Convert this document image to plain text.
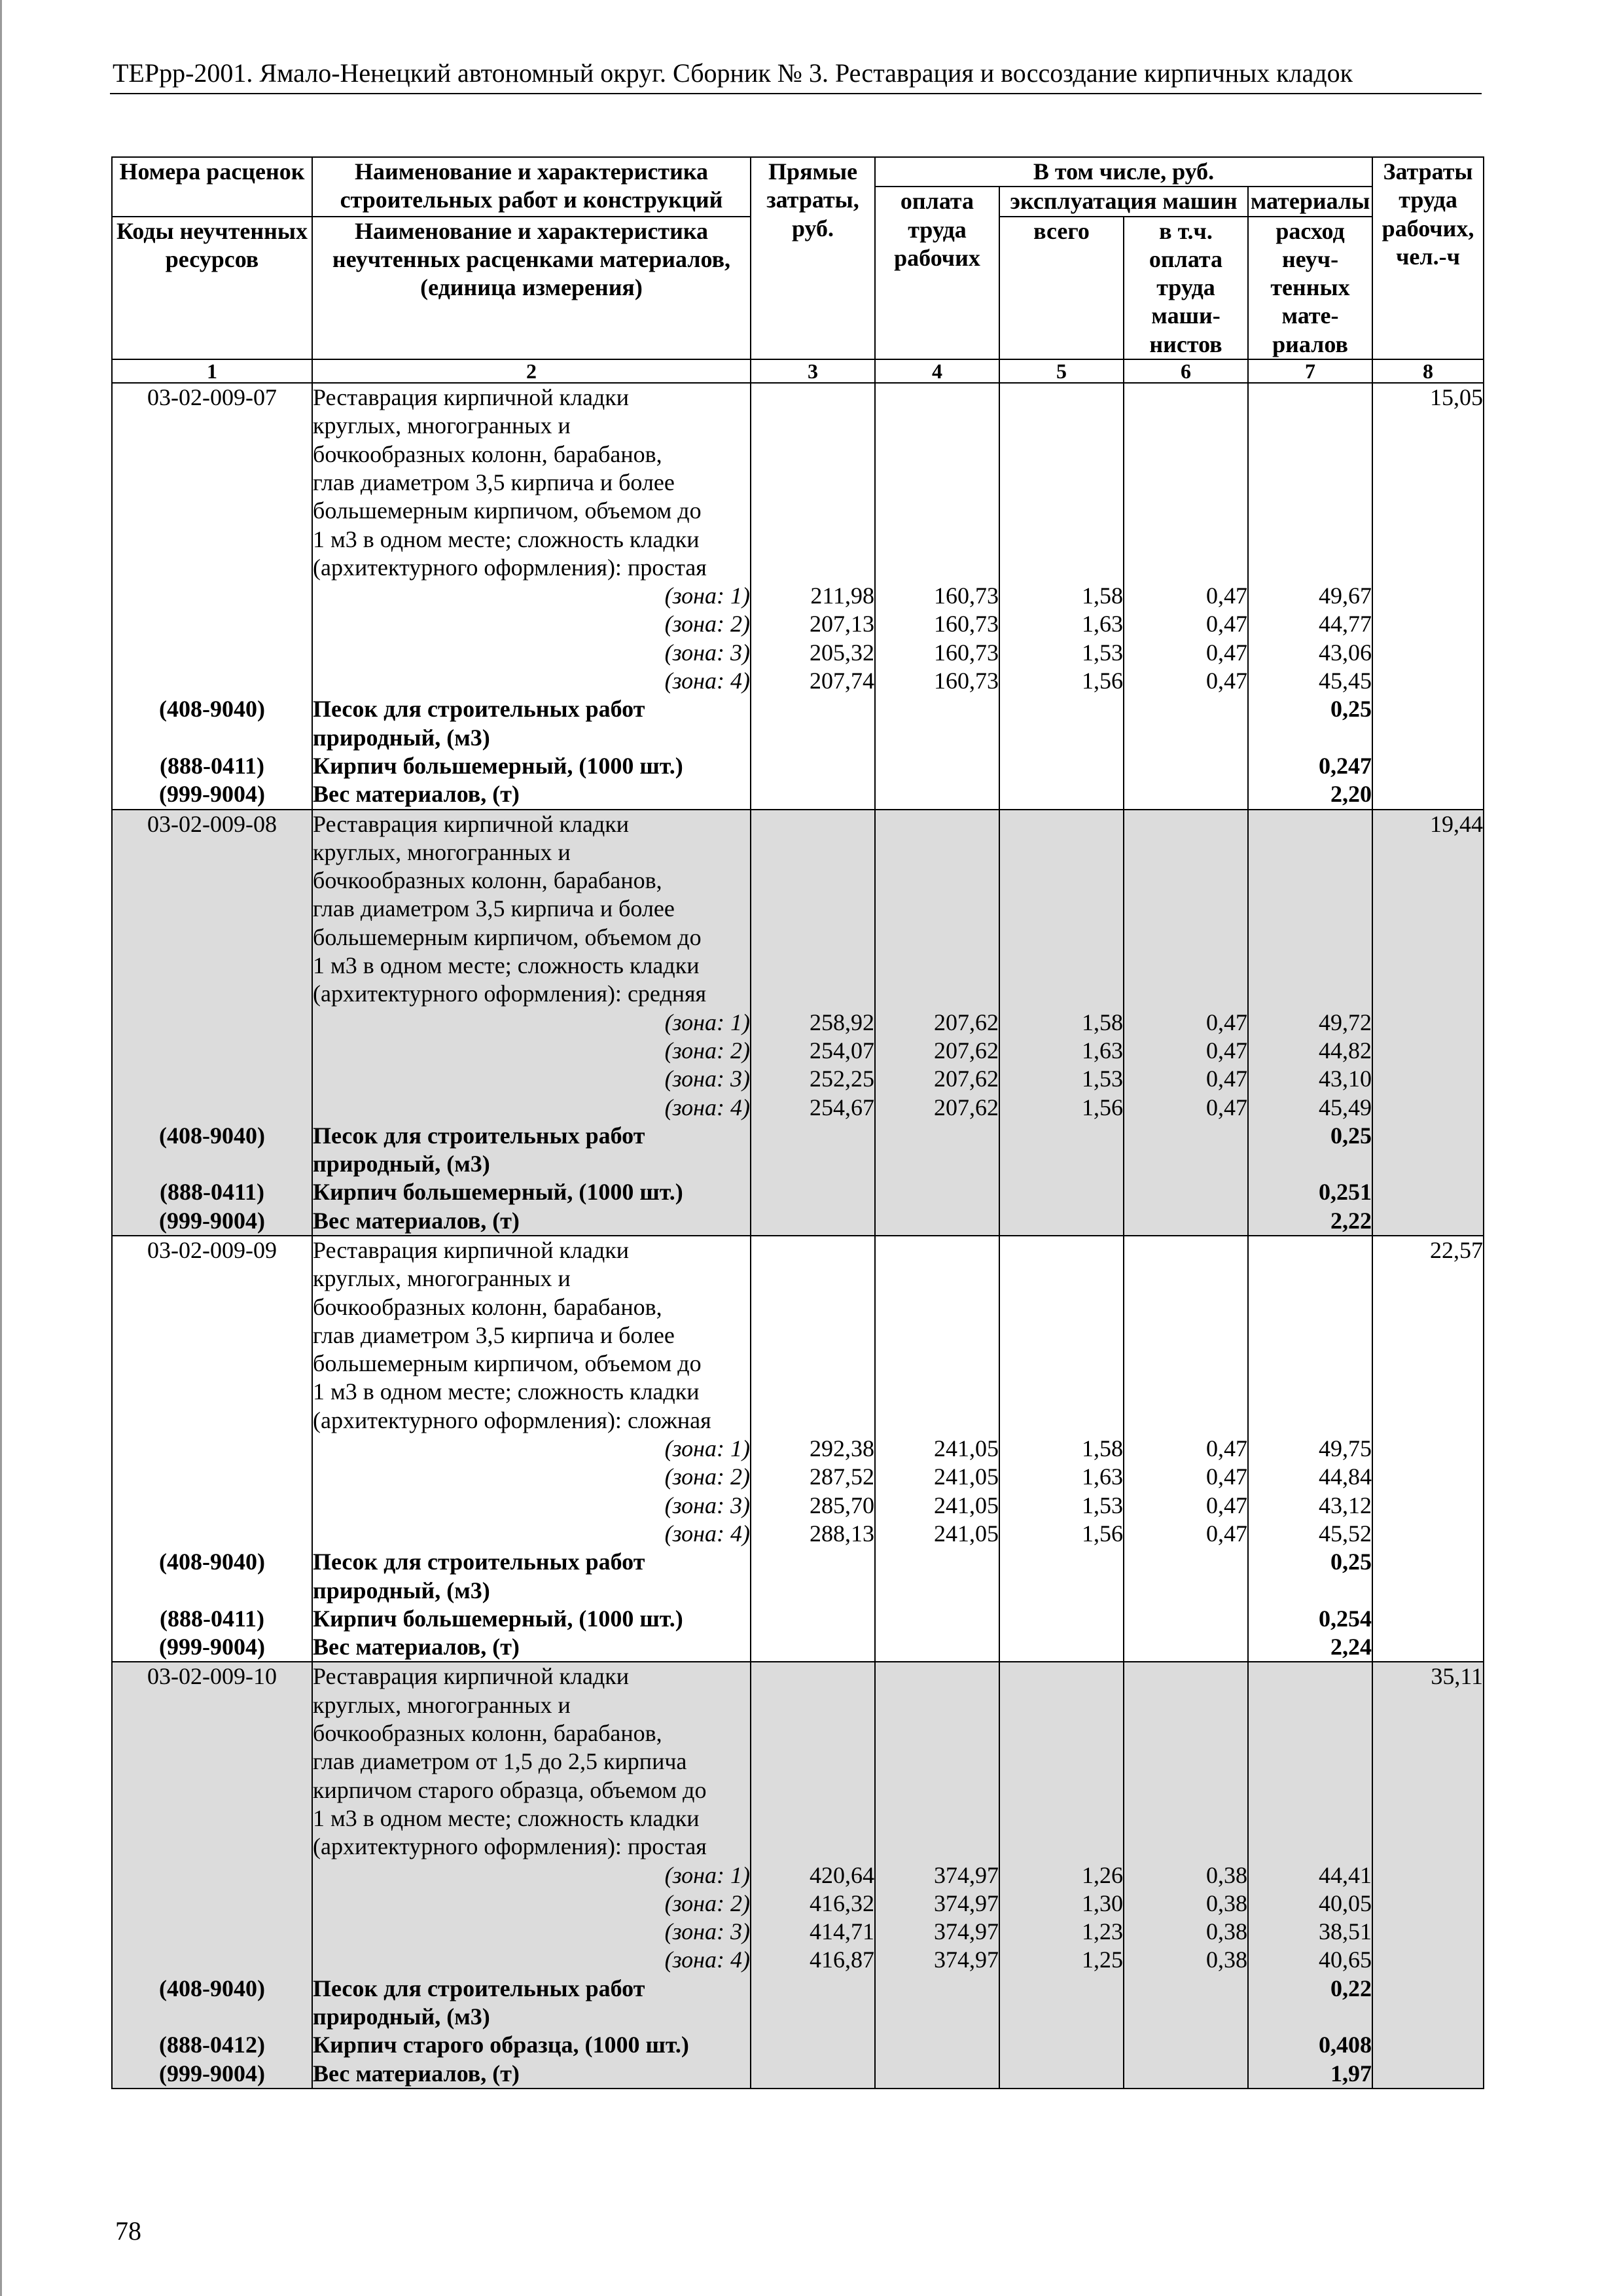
ТЕРрр-2001. Ямало-Ненецкий автономный округ. Сборник № 3. Реставрация и воссоздание кирпичных кладок
Номера расценок	Наименование и характеристика строительных работ и конструкций	Прямые затраты, руб.	В том числе, руб.				Затраты труда рабочих, чел.-ч
			оплата труда рабочих	эксплуатация машин		материалы	
Коды неучтенных ресурсов	Наименование и характеристика неучтенных расценками материалов, (единица измерения)			всего	в т.ч. оплата труда маши-нистов	расход неуч-тенных мате-риалов	

1	2	3	4	5	6	7	8
03-02-009-07	Реставрация кирпичной кладки						15,05
	круглых, многогранных и						
	бочкообразных колонн, барабанов,						
	глав диаметром 3,5 кирпича и более						
	большемерным кирпичом, объемом до						
	1 м3 в одном месте; сложность кладки						
	(архитектурного оформления): простая						
	(зона: 1)	211,98	160,73	1,58	0,47	49,67	
	(зона: 2)	207,13	160,73	1,63	0,47	44,77	
	(зона: 3)	205,32	160,73	1,53	0,47	43,06	
	(зона: 4)	207,74	160,73	1,56	0,47	45,45	
(408-9040)	Песок для строительных работ					0,25	
	природный, (м3)						
(888-0411)	Кирпич большемерный, (1000 шт.)					0,247	
(999-9004)	Вес материалов, (т)					2,20	
03-02-009-08	Реставрация кирпичной кладки						19,44
	круглых, многогранных и						
	бочкообразных колонн, барабанов,						
	глав диаметром 3,5 кирпича и более						
	большемерным кирпичом, объемом до						
	1 м3 в одном месте; сложность кладки						
	(архитектурного оформления): средняя						
	(зона: 1)	258,92	207,62	1,58	0,47	49,72	
	(зона: 2)	254,07	207,62	1,63	0,47	44,82	
	(зона: 3)	252,25	207,62	1,53	0,47	43,10	
	(зона: 4)	254,67	207,62	1,56	0,47	45,49	
(408-9040)	Песок для строительных работ					0,25	
	природный, (м3)						
(888-0411)	Кирпич большемерный, (1000 шт.)					0,251	
(999-9004)	Вес материалов, (т)					2,22	
03-02-009-09	Реставрация кирпичной кладки						22,57
	круглых, многогранных и						
	бочкообразных колонн, барабанов,						
	глав диаметром 3,5 кирпича и более						
	большемерным кирпичом, объемом до						
	1 м3 в одном месте; сложность кладки						
	(архитектурного оформления): сложная						
	(зона: 1)	292,38	241,05	1,58	0,47	49,75	
	(зона: 2)	287,52	241,05	1,63	0,47	44,84	
	(зона: 3)	285,70	241,05	1,53	0,47	43,12	
	(зона: 4)	288,13	241,05	1,56	0,47	45,52	
(408-9040)	Песок для строительных работ					0,25	
	природный, (м3)						
(888-0411)	Кирпич большемерный, (1000 шт.)					0,254	
(999-9004)	Вес материалов, (т)					2,24	
03-02-009-10	Реставрация кирпичной кладки						35,11
	круглых, многогранных и						
	бочкообразных колонн, барабанов,						
	глав диаметром от 1,5 до 2,5 кирпича						
	кирпичом старого образца, объемом до						
	1 м3 в одном месте; сложность кладки						
	(архитектурного оформления): простая						
	(зона: 1)	420,64	374,97	1,26	0,38	44,41	
	(зона: 2)	416,32	374,97	1,30	0,38	40,05	
	(зона: 3)	414,71	374,97	1,23	0,38	38,51	
	(зона: 4)	416,87	374,97	1,25	0,38	40,65	
(408-9040)	Песок для строительных работ					0,22	
	природный, (м3)						
(888-0412)	Кирпич старого образца, (1000 шт.)					0,408	
(999-9004)	Вес материалов, (т)					1,97	
78
